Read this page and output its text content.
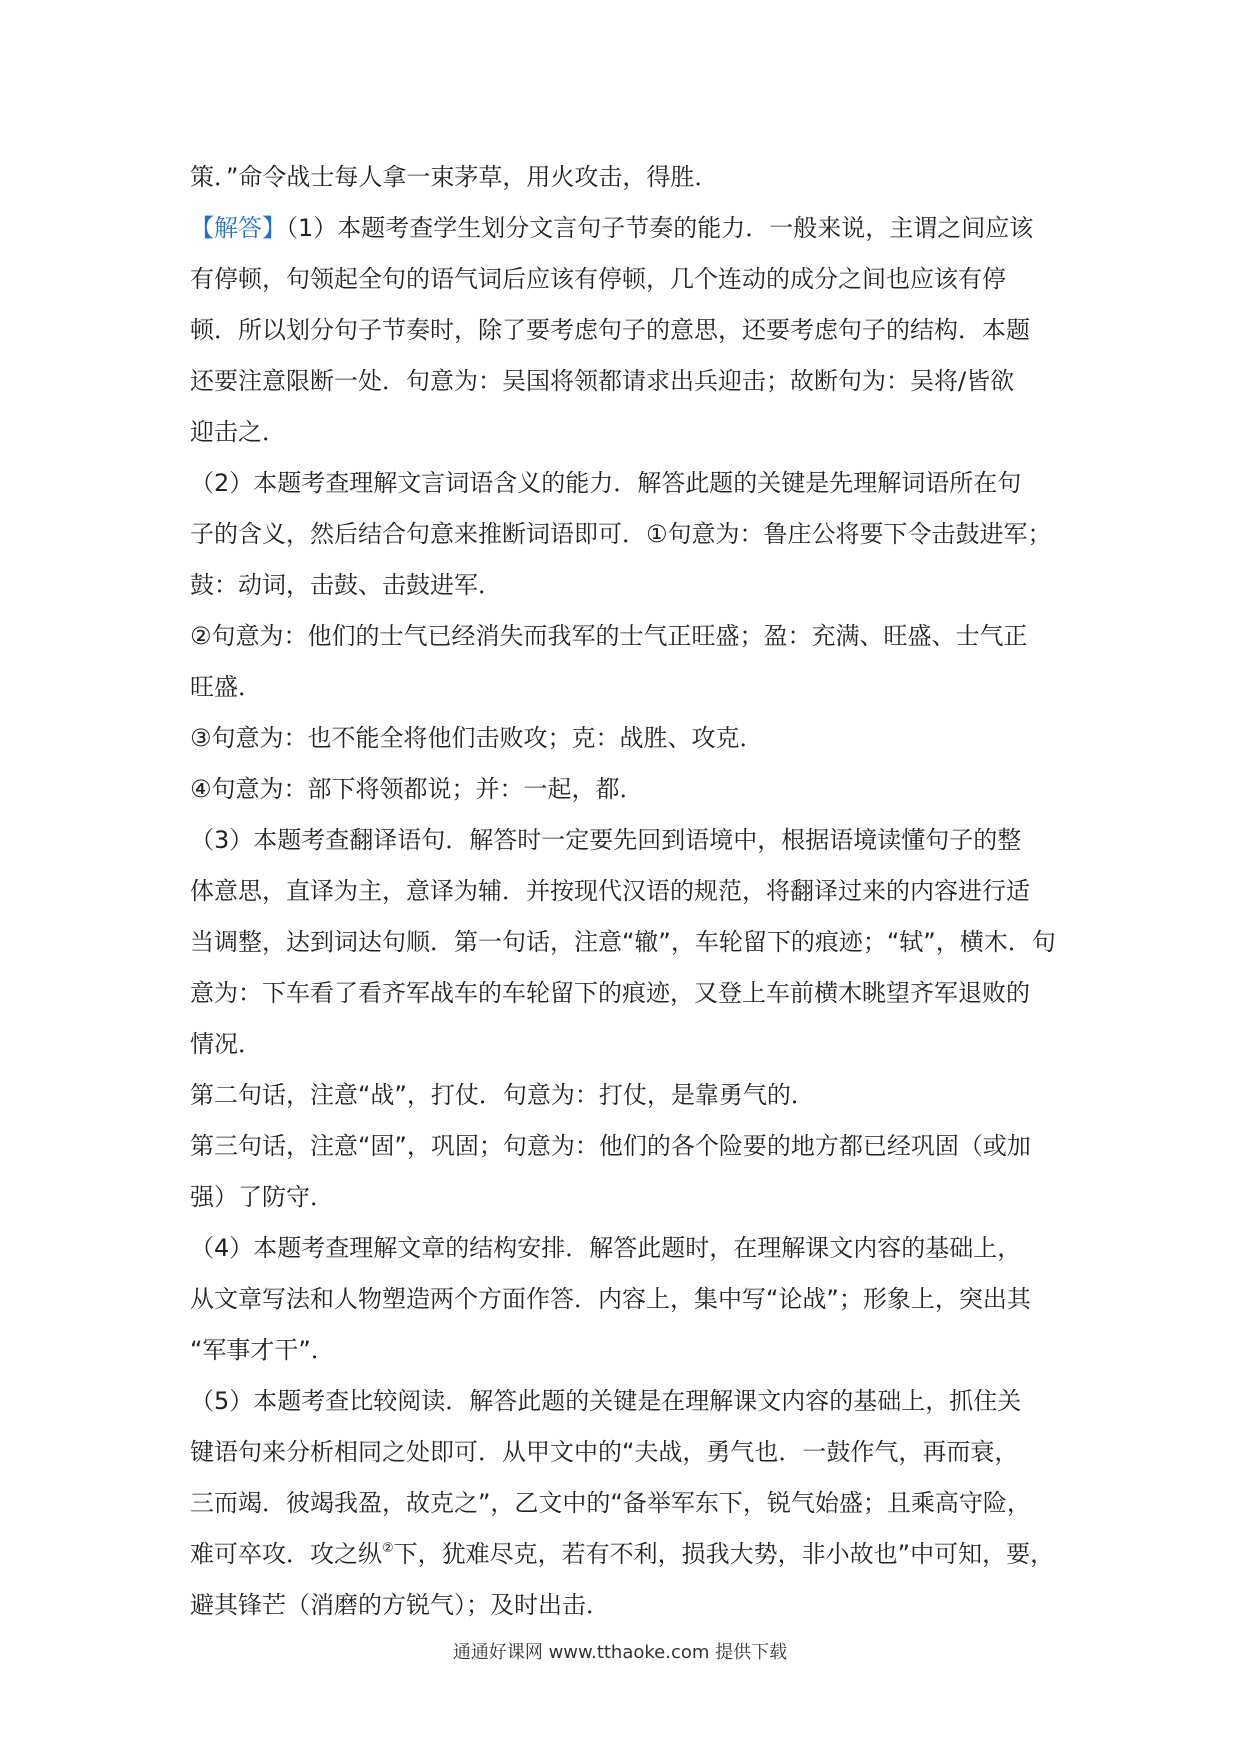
策．”命令战士每人拿一束茅草，用火攻击，得胜．

【解答】（1）本题考查学生划分文言句子节奏的能力．一般来说，主谓之间应该

有停顿，句领起全句的语气词后应该有停顿，几个连动的成分之间也应该有停

顿．所以划分句子节奏时，除了要考虑句子的意思，还要考虑句子的结构．本题

还要注意限断一处．句意为：吴国将领都请求出兵迎击；故断句为：吴将/皆欲

迎击之．

（2）本题考查理解文言词语含义的能力．解答此题的关键是先理解词语所在句

子的含义，然后结合句意来推断词语即可．①句意为：鲁庄公将要下令击鼓进军；

鼓：动词，击鼓、击鼓进军．

②句意为：他们的士气已经消失而我军的士气正旺盛；盈：充满、旺盛、士气正

旺盛．

③句意为：也不能全将他们击败攻；克：战胜、攻克．

④句意为：部下将领都说；并：一起，都．

（3）本题考查翻译语句．解答时一定要先回到语境中，根据语境读懂句子的整

体意思，直译为主，意译为辅．并按现代汉语的规范，将翻译过来的内容进行适

当调整，达到词达句顺．第一句话，注意“辙”，车轮留下的痕迹；“轼”，横木．句

意为：下车看了看齐军战车的车轮留下的痕迹，又登上车前横木眺望齐军退败的

情况．

第二句话，注意“战”，打仗．句意为：打仗，是靠勇气的．

第三句话，注意“固”，巩固；句意为：他们的各个险要的地方都已经巩固（或加

强）了防守．

（4）本题考查理解文章的结构安排．解答此题时，在理解课文内容的基础上，

从文章写法和人物塑造两个方面作答．内容上，集中写“论战”；形象上，突出其

“军事才干”．

（5）本题考查比较阅读．解答此题的关键是在理解课文内容的基础上，抓住关

键语句来分析相同之处即可．从甲文中的“夫战，勇气也．一鼓作气，再而衰，

三而竭．彼竭我盈，故克之”，乙文中的“备举军东下，锐气始盛；且乘高守险，

难可卒攻．攻之纵②下，犹难尽克，若有不利，损我大势，非小故也”中可知，要，

避其锋芒（消磨的方锐气）；及时出击．

通通好课网 www.tthaoke.com 提供下载
